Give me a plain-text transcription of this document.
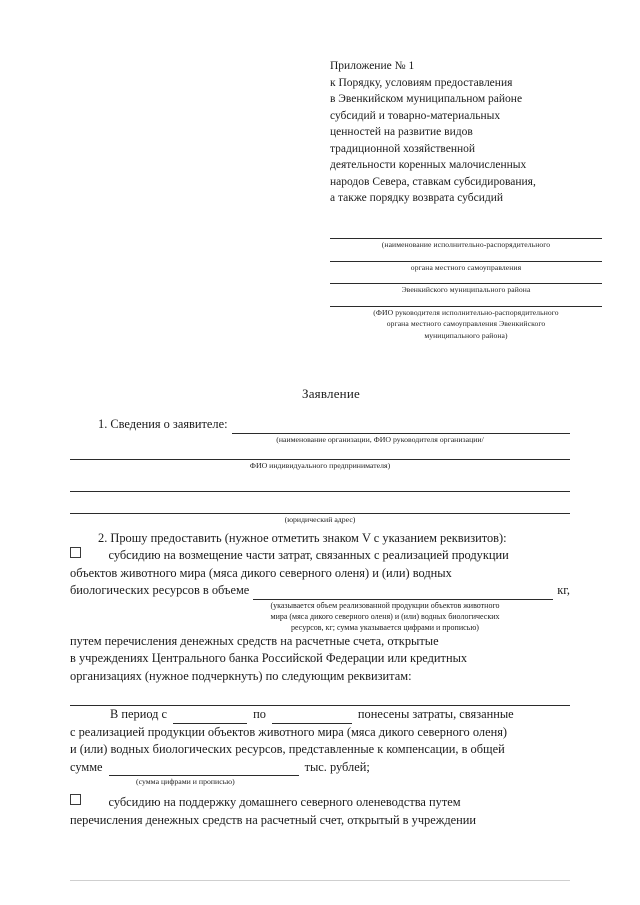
Приложение № 1
к Порядку, условиям предоставления
в Эвенкийском муниципальном районе
субсидий и товарно-материальных
ценностей на развитие видов
традиционной хозяйственной
деятельности коренных малочисленных
народов Севера, ставкам субсидирования,
а также порядку возврата субсидий
(наименование исполнительно-распорядительного
органа местного самоуправления
Эвенкийского муниципального района
(ФИО руководителя исполнительно-распорядительного
органа местного самоуправления Эвенкийского
муниципального района)
Заявление
1. Сведения о заявителе:
(наименование организации, ФИО руководителя организации/
ФИО индивидуального предпринимателя)
(юридический адрес)
2. Прошу предоставить (нужное отметить знаком V с указанием реквизитов):
субсидию на возмещение части затрат, связанных с реализацией продукции
объектов животного мира (мяса дикого северного оленя) и (или) водных
биологических ресурсов в объеме	кг,
(указывается объем реализованной продукции объектов животного
мира (мяса дикого северного оленя) и (или) водных биологических
ресурсов, кг; сумма указывается цифрами и прописью)
путем перечисления денежных средств на расчетные счета, открытые
в учреждениях Центрального банка Российской Федерации или кредитных
организациях (нужное подчеркнуть) по следующим реквизитам:
В период с	по	понесены затраты, связанные
с реализацией продукции объектов животного мира (мяса дикого северного оленя)
и (или) водных биологических ресурсов, представленные к компенсации, в общей
сумме	тыс. рублей;
(сумма цифрами и прописью)
субсидию на поддержку домашнего северного оленеводства путем
перечисления денежных средств на расчетный счет, открытый в учреждении
